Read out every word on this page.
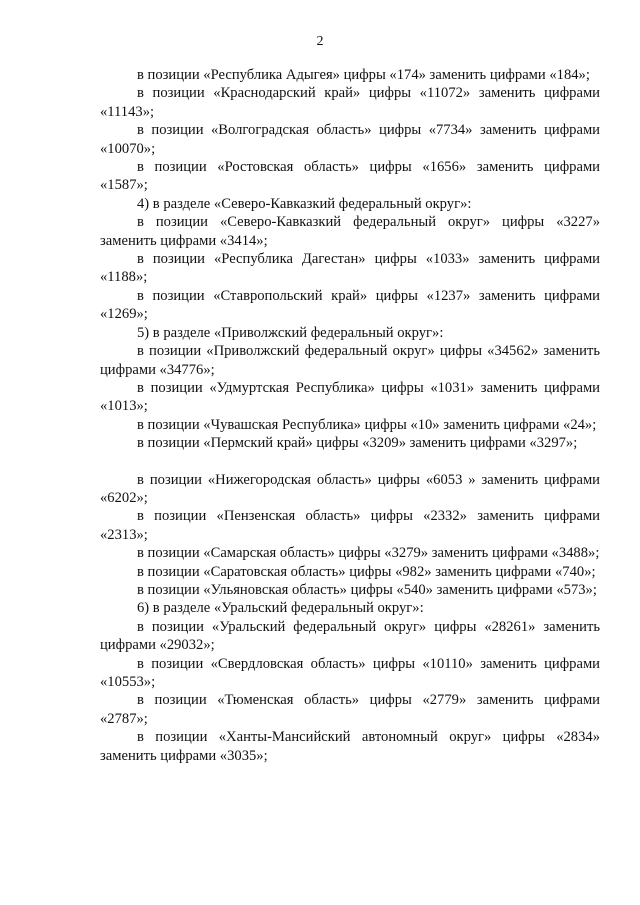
2

в позиции «Республика Адыгея» цифры «174» заменить цифрами «184»;

в позиции «Краснодарский край» цифры «11072» заменить цифрами «11143»;

в позиции «Волгоградская область» цифры «7734» заменить цифрами «10070»;

в позиции «Ростовская область» цифры «1656» заменить цифрами «1587»;

4) в разделе «Северо-Кавказкий федеральный округ»:

в позиции «Северо-Кавказкий федеральный округ» цифры «3227» заменить цифрами «3414»;

в позиции «Республика Дагестан» цифры «1033» заменить цифрами «1188»;

в позиции «Ставропольский край» цифры «1237» заменить цифрами «1269»;

5) в разделе «Приволжский федеральный округ»:

в позиции «Приволжский федеральный округ» цифры «34562» заменить цифрами «34776»;

в позиции «Удмуртская Республика» цифры «1031» заменить цифрами «1013»;

в позиции «Чувашская Республика» цифры «10» заменить цифрами «24»;

в позиции «Пермский край» цифры «3209» заменить цифрами «3297»;

в позиции «Нижегородская область» цифры «6053 » заменить цифрами «6202»;

в позиции «Пензенская область» цифры «2332» заменить цифрами «2313»;

в позиции «Самарская область» цифры «3279» заменить цифрами «3488»;

в позиции «Саратовская область» цифры «982» заменить цифрами «740»;

в позиции «Ульяновская область» цифры «540» заменить цифрами «573»;

6) в разделе «Уральский федеральный округ»:

в позиции «Уральский федеральный округ» цифры «28261» заменить цифрами «29032»;

в позиции «Свердловская область» цифры «10110» заменить цифрами «10553»;

в позиции «Тюменская область» цифры «2779» заменить цифрами «2787»;

в позиции «Ханты-Мансийский автономный округ» цифры «2834» заменить цифрами «3035»;
